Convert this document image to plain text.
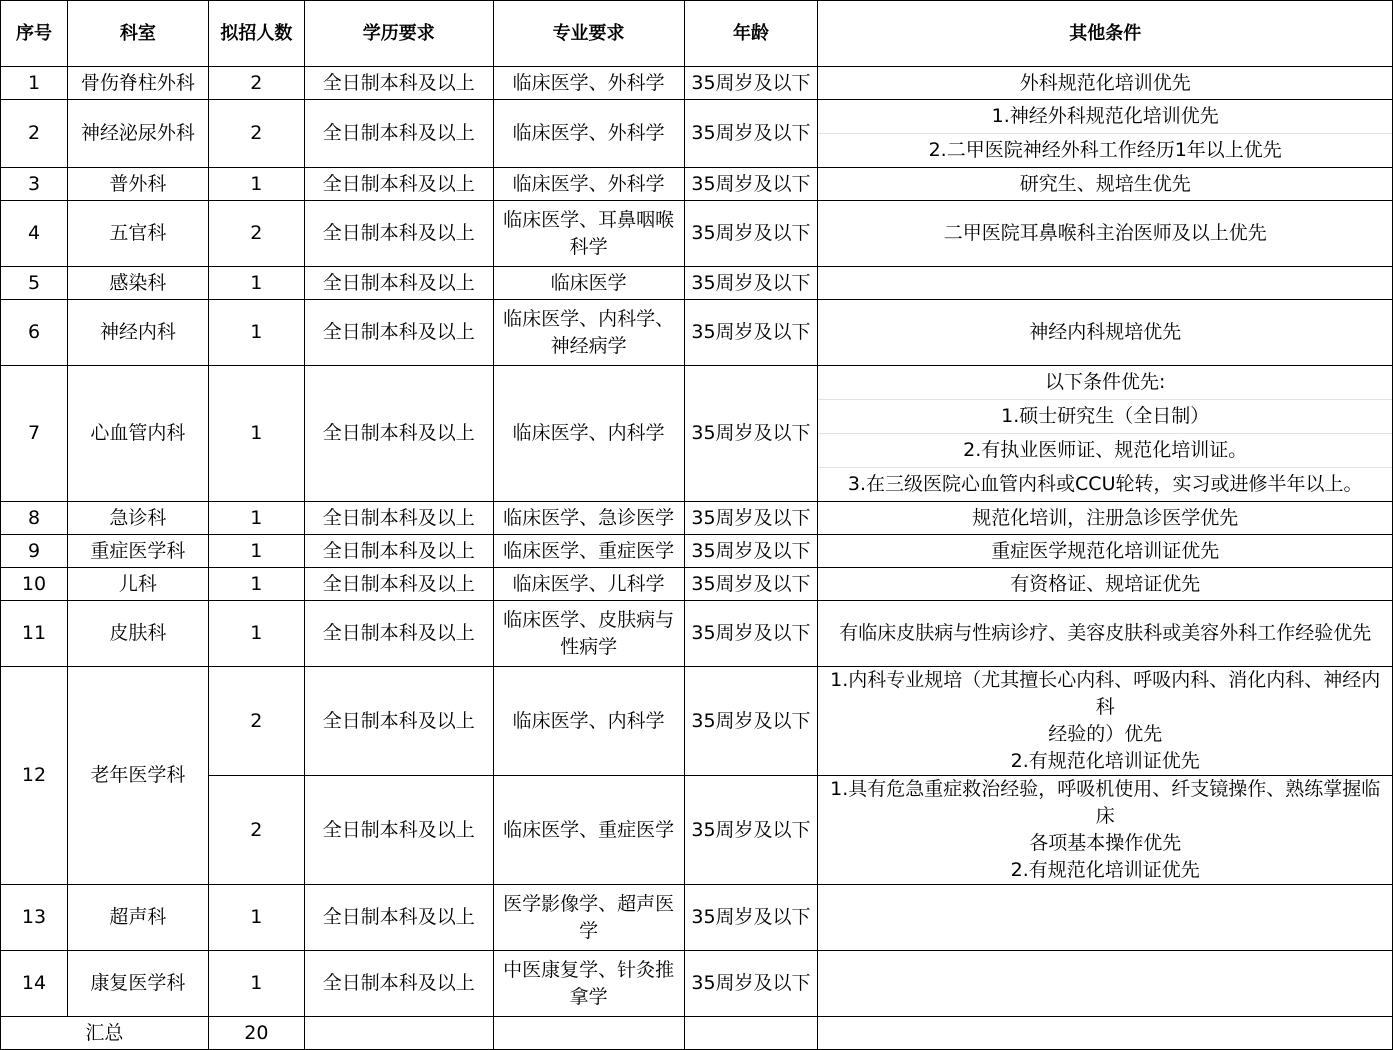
序号	科室	拟招人数	学历要求	专业要求	年龄	其他条件
1	骨伤脊柱外科	2	全日制本科及以上	临床医学、外科学	35周岁及以下	外科规范化培训优先
2	神经泌尿外科	2	全日制本科及以上	临床医学、外科学	35周岁及以下	1.神经外科规范化培训优先
2.二甲医院神经外科工作经历1年以上优先

3	普外科	1	全日制本科及以上	临床医学、外科学	35周岁及以下	研究生、规培生优先
4	五官科	2	全日制本科及以上	临床医学、耳鼻咽喉
科学	35周岁及以下	二甲医院耳鼻喉科主治医师及以上优先
5	感染科	1	全日制本科及以上	临床医学	35周岁及以下	
6	神经内科	1	全日制本科及以上	临床医学、内科学、
神经病学	35周岁及以下	神经内科规培优先
7	心血管内科	1	全日制本科及以上	临床医学、内科学	35周岁及以下	以下条件优先:
1.硕士研究生（全日制）
2.有执业医师证、规范化培训证。
3.在三级医院心血管内科或CCU轮转，实习或进修半年以上。

8	急诊科	1	全日制本科及以上	临床医学、急诊医学	35周岁及以下	规范化培训，注册急诊医学优先
9	重症医学科	1	全日制本科及以上	临床医学、重症医学	35周岁及以下	重症医学规范化培训证优先
10	儿科	1	全日制本科及以上	临床医学、儿科学	35周岁及以下	有资格证、规培证优先
11	皮肤科	1	全日制本科及以上	临床医学、皮肤病与
性病学	35周岁及以下	有临床皮肤病与性病诊疗、美容皮肤科或美容外科工作经验优先
12	老年医学科	2	全日制本科及以上	临床医学、内科学	35周岁及以下	1.内科专业规培（尤其擅长心内科、呼吸内科、消化内科、神经内科
经验的）优先
2.有规范化培训证优先

		2	全日制本科及以上	临床医学、重症医学	35周岁及以下	1.具有危急重症救治经验，呼吸机使用、纤支镜操作、熟练掌握临床
各项基本操作优先
2.有规范化培训证优先

13	超声科	1	全日制本科及以上	医学影像学、超声医
学	35周岁及以下	
14	康复医学科	1	全日制本科及以上	中医康复学、针灸推
拿学	35周岁及以下	
汇总		20				
